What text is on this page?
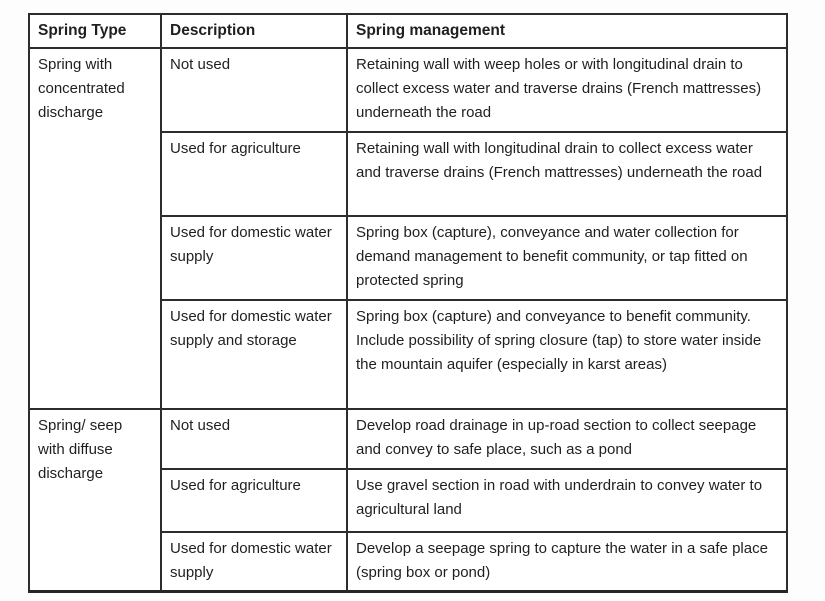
Spring Type	Description	Spring management
Spring with concentrated discharge	Not used	Retaining wall with weep holes or with longitudinal drain to collect excess water and traverse drains (French mattresses) underneath the road
	Used for agriculture	Retaining wall with longitudinal drain to collect excess water and traverse drains (French mattresses) underneath the road
	Used for domestic water supply	Spring box (capture), conveyance and water collection for demand management to benefit community, or tap fitted on protected spring
	Used for domestic water supply and storage	Spring box (capture) and conveyance to benefit community. Include possibility of spring closure (tap) to store water inside the mountain aquifer (especially in karst areas)
Spring/ seep with diffuse discharge	Not used	Develop road drainage in up-road section to collect seepage and convey to safe place, such as a pond
	Used for agriculture	Use gravel section in road with underdrain to convey water to agricultural land
	Used for domestic water supply	Develop a seepage spring to capture the water in a safe place (spring box or pond)
